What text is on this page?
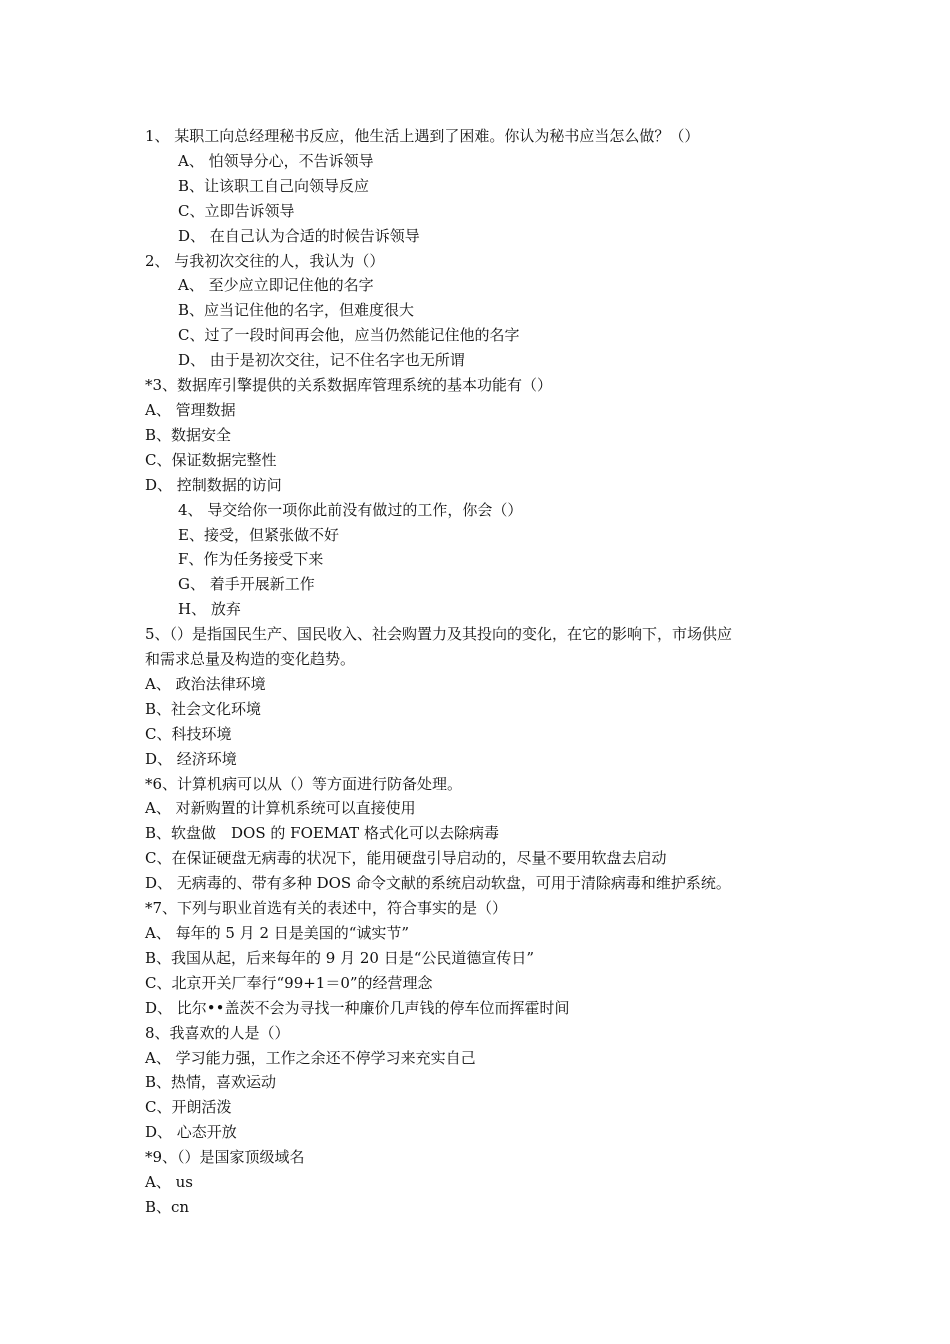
1、 某职工向总经理秘书反应，他生活上遇到了困难。你认为秘书应当怎么做？（）
A、 怕领导分心，不告诉领导
B、让该职工自己向领导反应
C、立即告诉领导
D、 在自己认为合适的时候告诉领导
2、 与我初次交往的人，我认为（）
A、 至少应立即记住他的名字
B、应当记住他的名字，但难度很大
C、过了一段时间再会他，应当仍然能记住他的名字
D、 由于是初次交往，记不住名字也无所谓
*3、数据库引擎提供的关系数据库管理系统的基本功能有（）
A、 管理数据
B、数据安全
C、保证数据完整性
D、 控制数据的访问
4、 导交给你一项你此前没有做过的工作，你会（）
E、接受，但紧张做不好
F、作为任务接受下来
G、 着手开展新工作
H、 放弃
5、（）是指国民生产、国民收入、社会购置力及其投向的变化，在它的影响下，市场供应
和需求总量及构造的变化趋势。
A、 政治法律环境
B、社会文化环境
C、科技环境
D、 经济环境
*6、计算机病可以从（）等方面进行防备处理。
A、 对新购置的计算机系统可以直接使用
B、软盘做　DOS 的 FOEMAT 格式化可以去除病毒
C、在保证硬盘无病毒的状况下，能用硬盘引导启动的，尽量不要用软盘去启动
D、 无病毒的、带有多种 DOS 命令文献的系统启动软盘，可用于清除病毒和维护系统。
*7、下列与职业首选有关的表述中，符合事实的是（）
A、 每年的 5 月 2 日是美国的“诚实节”
B、我国从起，后来每年的 9 月 20 日是“公民道德宣传日”
C、北京开关厂奉行“99+1＝0”的经营理念
D、 比尔••盖茨不会为寻找一种廉价几声钱的停车位而挥霍时间
8、我喜欢的人是（）
A、 学习能力强，工作之余还不停学习来充实自己
B、热情，喜欢运动
C、开朗活泼
D、 心态开放
*9、（）是国家顶级域名
A、 us
B、cn
